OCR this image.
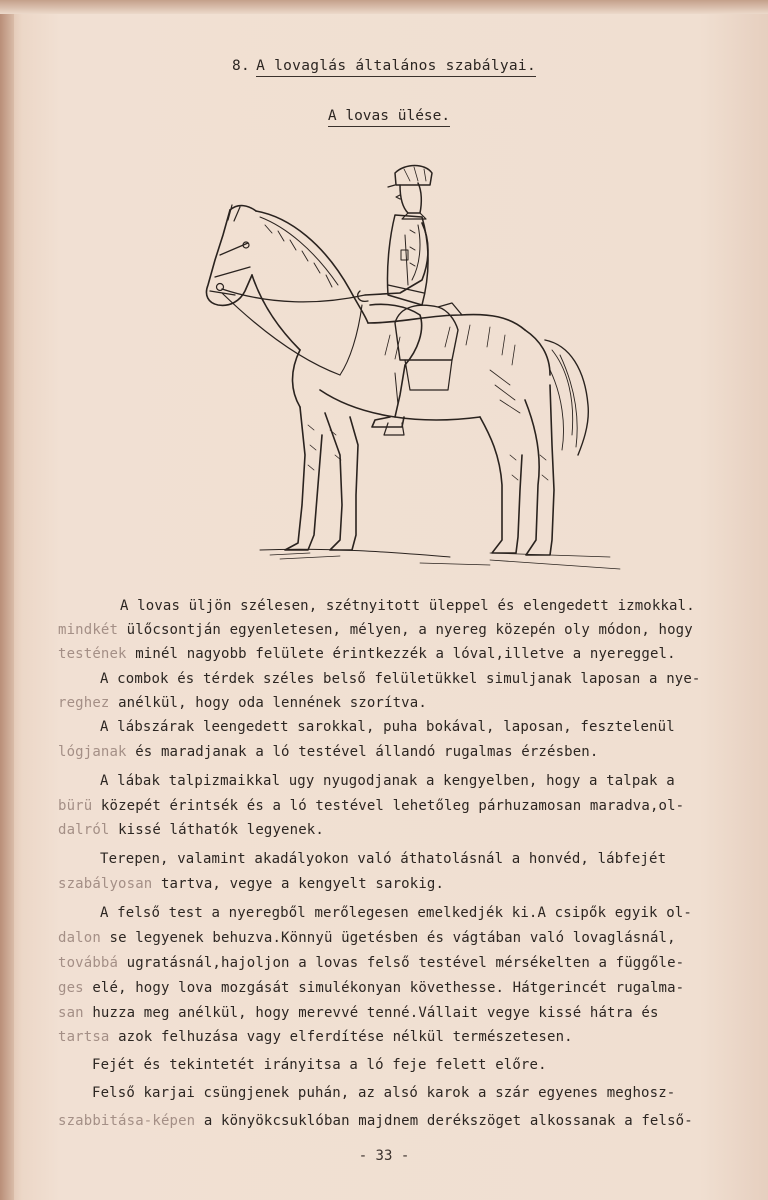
8. A lovaglás általános szabályai.
A lovas ülése.
A lovas üljön szélesen, szétnyitott üleppel és elengedett izmokkal.
mindkét ülőcsontján egyenletesen, mélyen, a nyereg közepén oly módon, hogy
testének minél nagyobb felülete érintkezzék a lóval,illetve a nyereggel.
A combok és térdek széles belső felületükkel simuljanak laposan a nye-
reghez anélkül, hogy oda lennének szorítva.
A lábszárak leengedett sarokkal, puha bokával, laposan, fesztelenül
lógjanak és maradjanak a ló testével állandó rugalmas érzésben.
A lábak talpizmaikkal ugy nyugodjanak a kengyelben, hogy a talpak a
bürü közepét érintsék és a ló testével lehetőleg párhuzamosan maradva,ol-
dalról kissé láthatók legyenek.
Terepen, valamint akadályokon való áthatolásnál a honvéd, lábfejét
szabályosan tartva, vegye a kengyelt sarokig.
A felső test a nyeregből merőlegesen emelkedjék ki.A csipők egyik ol-
dalon se legyenek behuzva.Könnyü ügetésben és vágtában való lovaglásnál,
továbbá ugratásnál,hajoljon a lovas felső testével mérsékelten a függőle-
ges elé, hogy lova mozgását simulékonyan követhesse. Hátgerincét rugalma-
san huzza meg anélkül, hogy merevvé tenné.Vállait vegye kissé hátra és
tartsa azok felhuzása vagy elferdítése nélkül természetesen.
Fejét és tekintetét irányitsa a ló feje felett előre.
Felső karjai csüngjenek puhán, az alsó karok a szár egyenes meghosz-
szabbitása-képen a könyökcsuklóban majdnem derékszöget alkossanak a felső-
- 33 -
